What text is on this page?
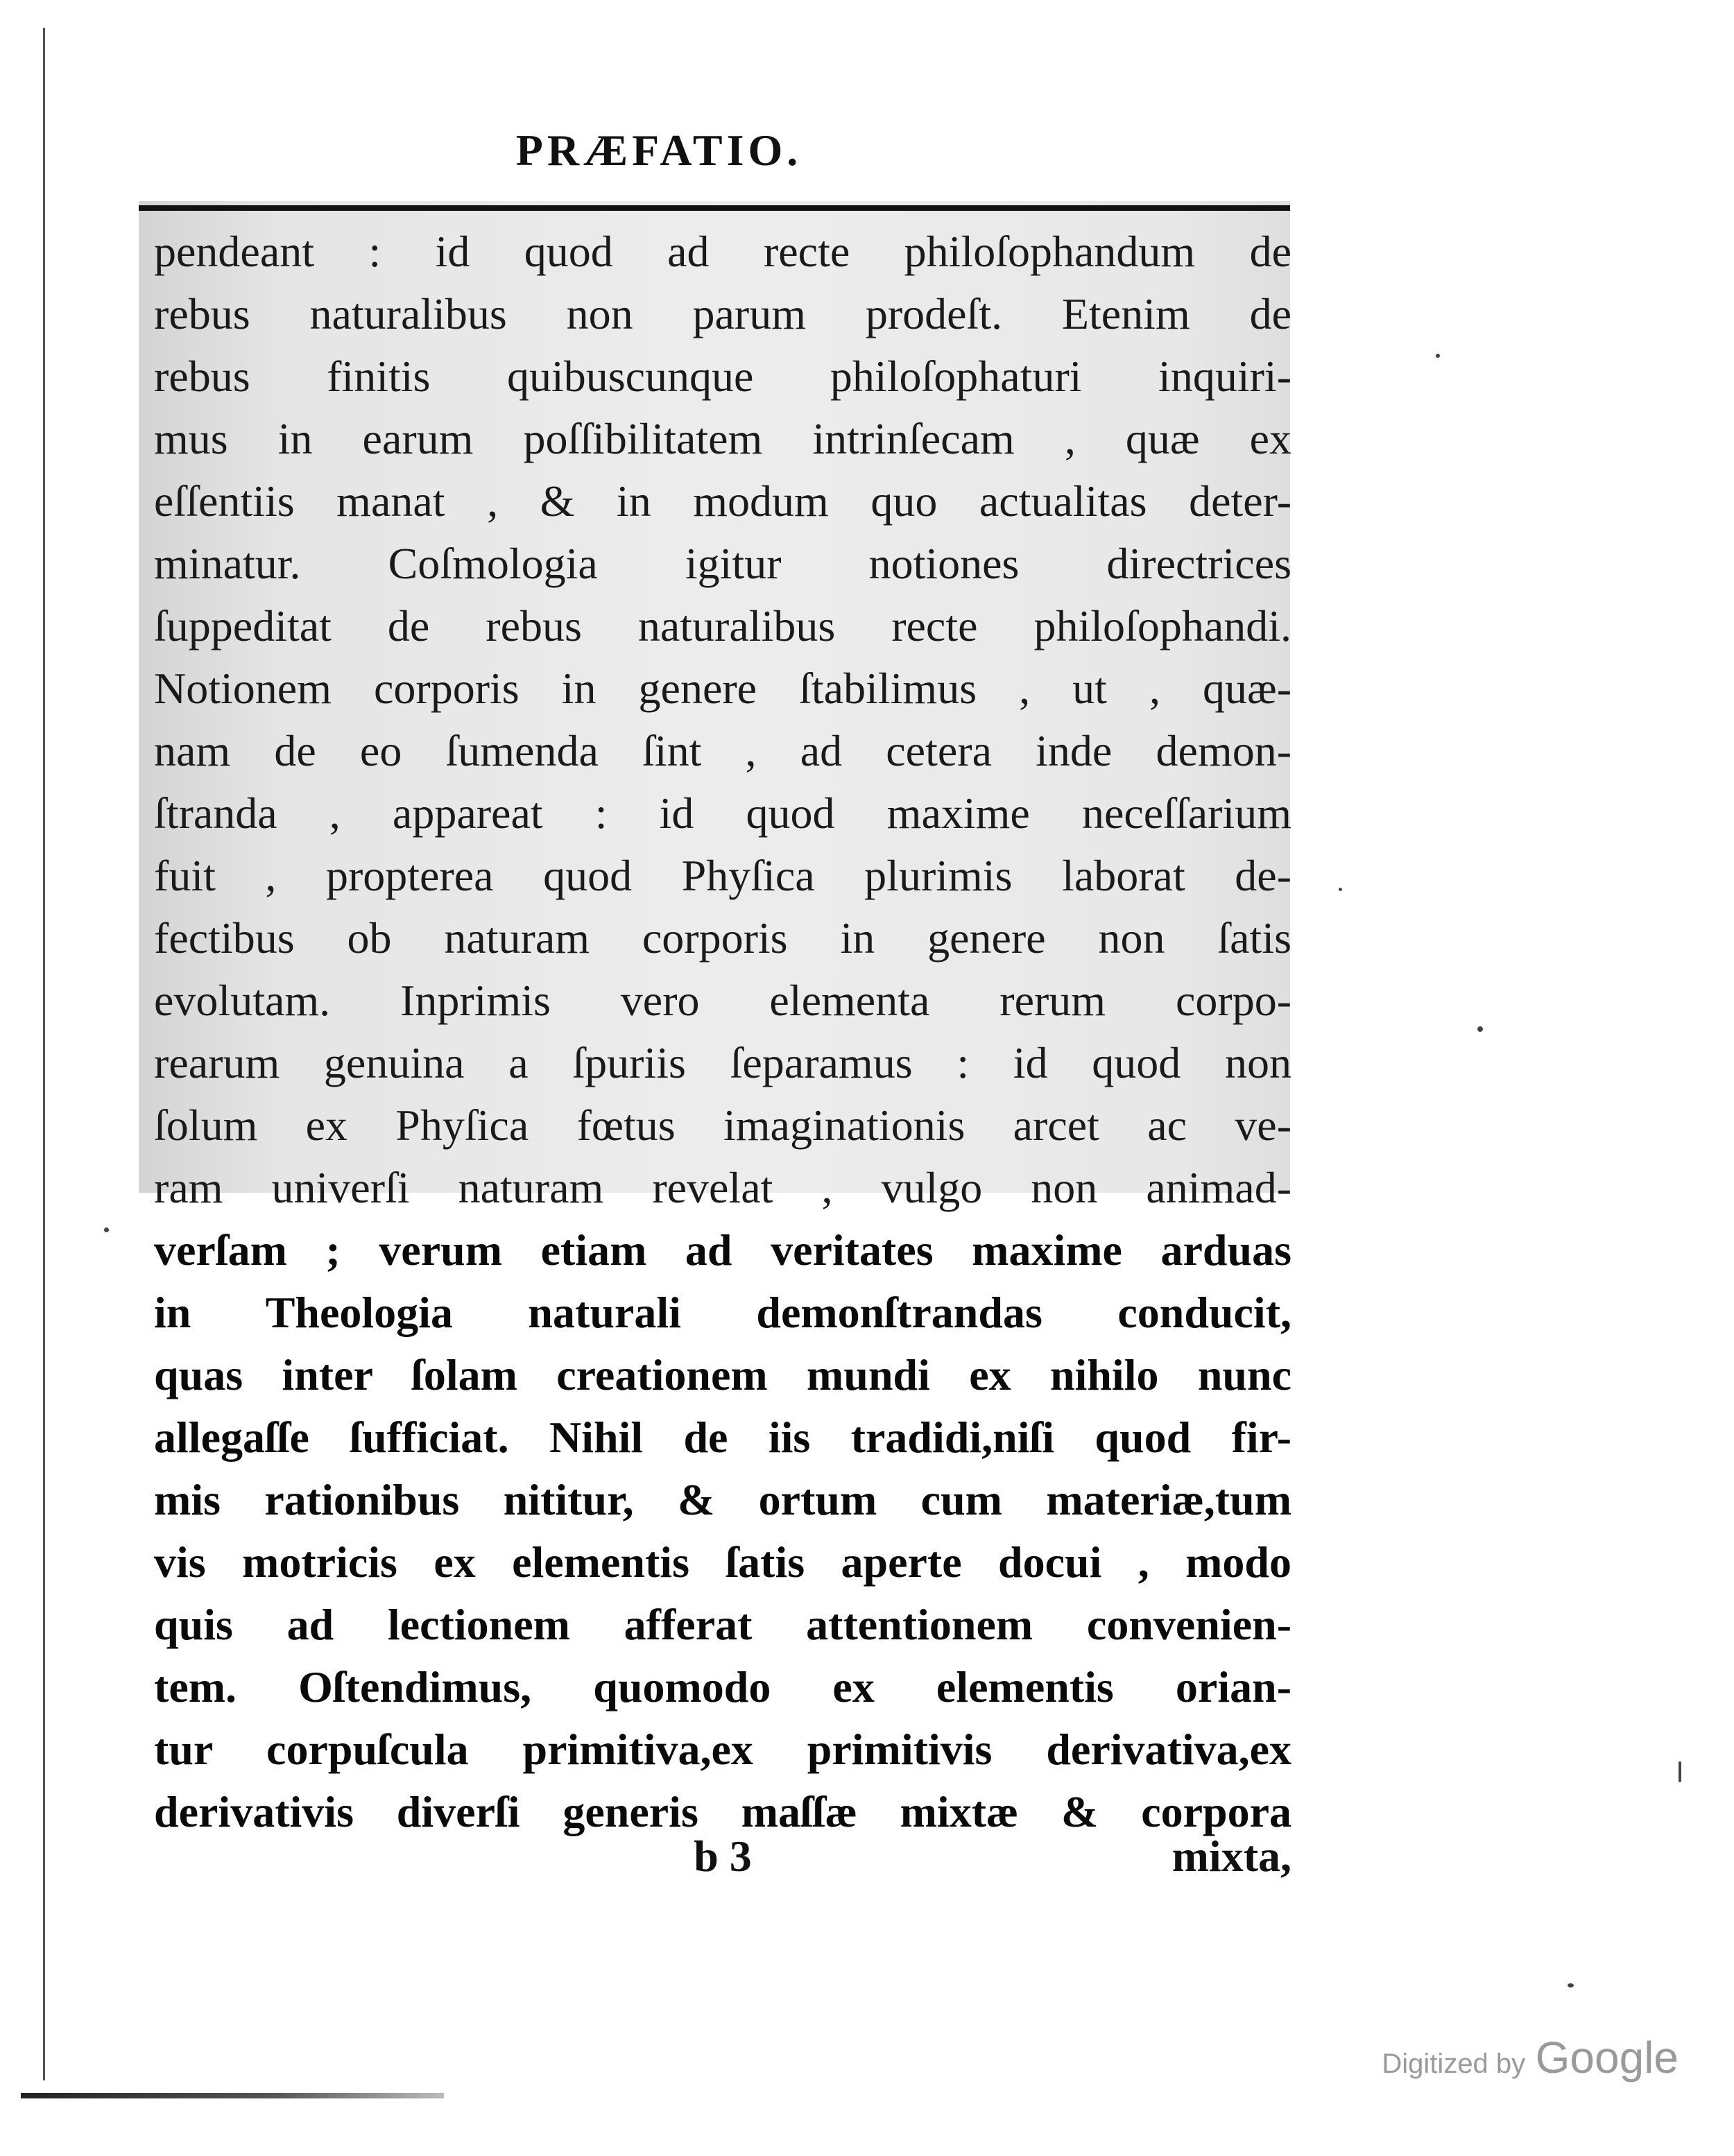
PRÆFATIO.
pendeant : id quod ad recte philoſophandum de
rebus naturalibus non parum prodeſt. Etenim de
rebus finitis quibuscunque philoſophaturi inquiri-
mus in earum poſſibilitatem intrinſecam , quæ ex
eſſentiis manat , & in modum quo actualitas deter-
minatur. Coſmologia igitur notiones directrices
ſuppeditat de rebus naturalibus recte philoſophandi.
Notionem corporis in genere ſtabilimus , ut , quæ-
nam de eo ſumenda ſint , ad cetera inde demon-
ſtranda , appareat : id quod maxime neceſſarium
fuit , propterea quod Phyſica plurimis laborat de-
fectibus ob naturam corporis in genere non ſatis
evolutam. Inprimis vero elementa rerum corpo-
rearum genuina a ſpuriis ſeparamus : id quod non
ſolum ex Phyſica fœtus imaginationis arcet ac ve-
ram univerſi naturam revelat , vulgo non animad-
verſam ; verum etiam ad veritates maxime arduas
in Theologia naturali demonſtrandas conducit,
quas inter ſolam creationem mundi ex nihilo nunc
allegaſſe ſufficiat. Nihil de iis tradidi,niſi quod fir-
mis rationibus nititur, & ortum cum materiæ,tum
vis motricis ex elementis ſatis aperte docui , modo
quis ad lectionem afferat attentionem convenien-
tem. Oſtendimus, quomodo ex elementis orian-
tur corpuſcula primitiva,ex primitivis derivativa,ex
derivativis diverſi generis maſſæ mixtæ & corpora
b 3	mixta,
Digitized by Google
